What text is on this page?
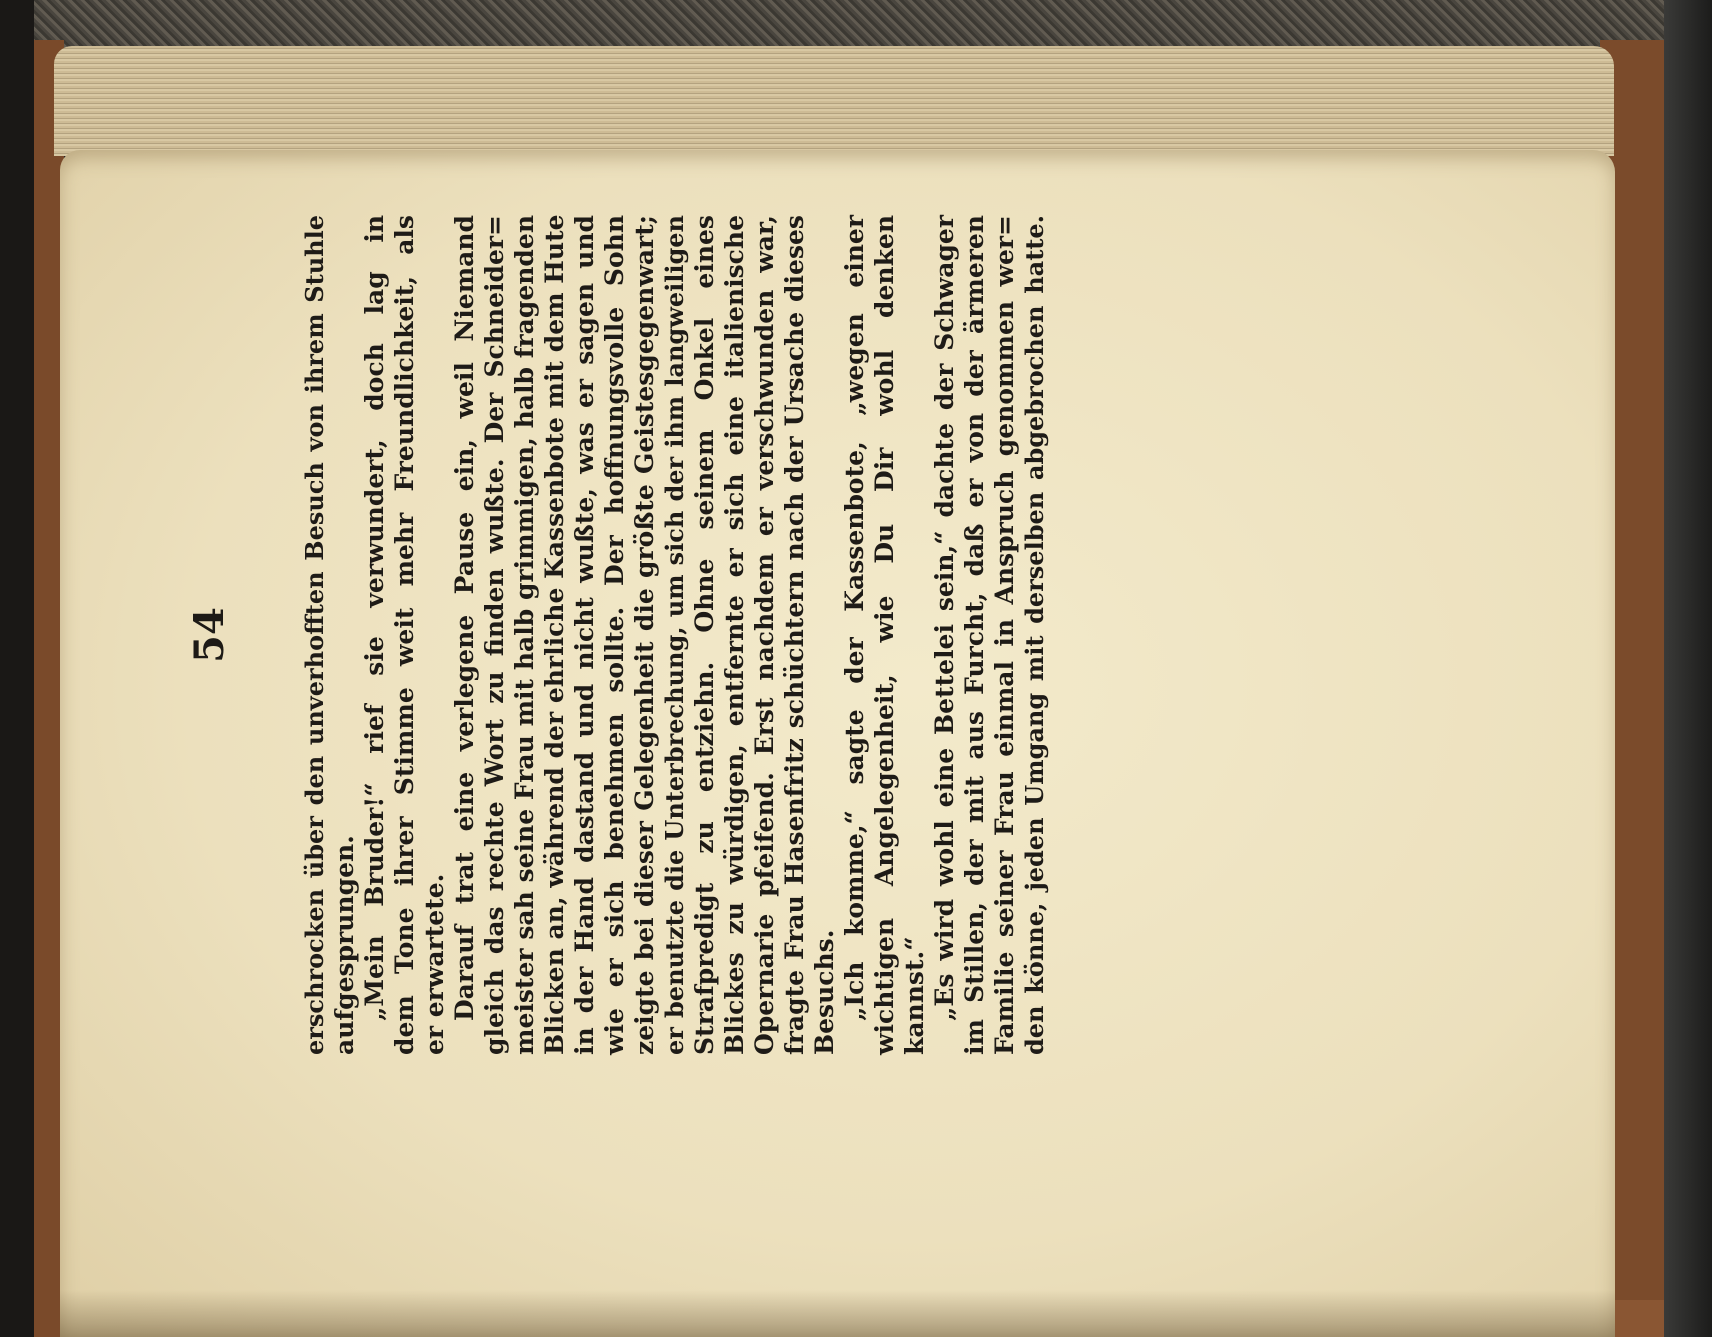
54	erschrocken über den unverhofften Besuch von ihrem Stuhle aufgesprungen. „Mein Bruder!“ rief sie verwundert, doch lag in dem Tone ihrer Stimme weit mehr Freundlichkeit, als er erwartete. Darauf trat eine verlegene Pause ein, weil Niemand gleich das rechte Wort zu finden wußte. Der Schneider= meister sah seine Frau mit halb grimmigen, halb fragenden Blicken an, während der ehrliche Kassenbote mit dem Hute in der Hand dastand und nicht wußte, was er sagen und wie er sich benehmen sollte. Der hoffnungsvolle Sohn zeigte bei dieser Gelegenheit die größte Geistesgegenwart; er benutzte die Unterbrechung, um sich der ihm langweiligen Strafpredigt zu entziehn. Ohne seinem Onkel eines Blickes zu würdigen, entfernte er sich eine italienische Opernarie pfeifend. Erst nachdem er verschwunden war, fragte Frau Hasenfritz schüchtern nach der Ursache dieses Besuchs. „Ich komme,“ sagte der Kassenbote, „wegen einer wichtigen Angelegenheit, wie Du Dir wohl denken kannst.“ „Es wird wohl eine Bettelei sein,“ dachte der Schwager im Stillen, der mit aus Furcht, daß er von der ärmeren Familie seiner Frau einmal in Anspruch genommen wer= den könne, jeden Umgang mit derselben abgebrochen hatte.
